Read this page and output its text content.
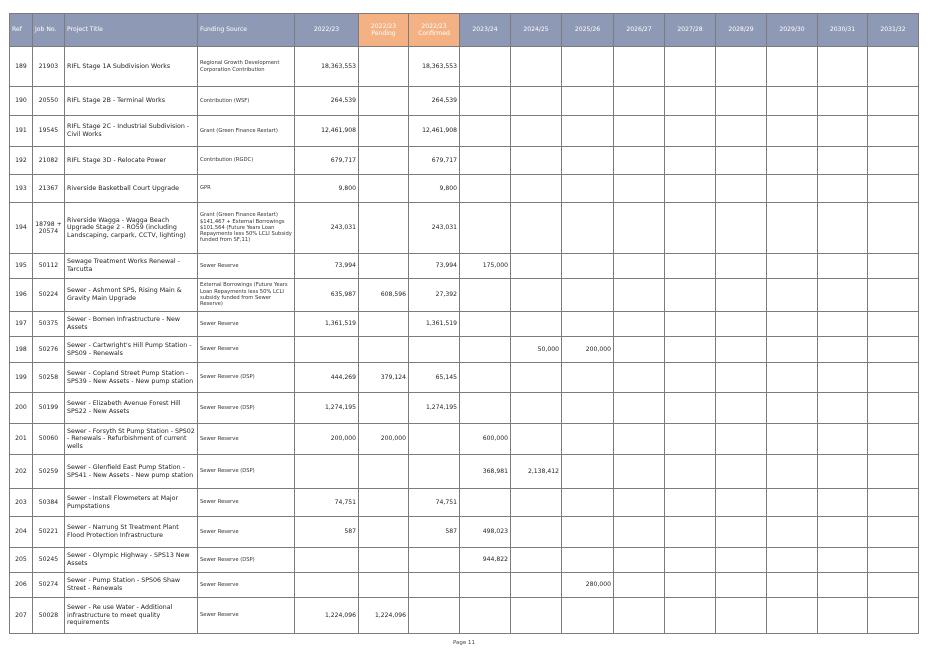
Ref	Job No.	Project Title	Funding Source	2022/23	2022/23 Pending	2022/23 Confirmed	2023/24	2024/25	2025/26	2026/27	2027/28	2028/29	2029/30	2030/31	2031/32
189	21903	RIFL Stage 1A Subdivision Works	Regional Growth Development Corporation Contribution	18,363,553		18,363,553									
190	20550	RIFL Stage 2B - Terminal Works	Contribution (WSF)	264,539		264,539									
191	19545	RIFL Stage 2C - Industrial Subdivision - Civil Works	Grant (Green Finance Restart)	12,461,908		12,461,908									
192	21082	RIFL Stage 3D - Relocate Power	Contribution (RGDC)	679,717		679,717									
193	21367	Riverside Basketball Court Upgrade	GPR	9,800		9,800									
194	18798 + 20574	Riverside Wagga - Wagga Beach Upgrade Stage 2 - RO59 (including Landscaping, carpark, CCTV, lighting)	Grant (Green Finance Restart) $141,467 + External Borrowings $101,564 (Future Years Loan Repayments less 50% LCLI Subsidy funded from SF,11)	243,031		243,031									
195	50112	Sewage Treatment Works Renewal - Tarcutta	Sewer Reserve	73,994		73,994	175,000								
196	50224	Sewer - Ashmont SPS, Rising Main & Gravity Main Upgrade	External Borrowings (Future Years Loan Repayments less 50% LCLI subsidy funded from Sewer Reserve)	635,987	608,596	27,392									
197	50375	Sewer - Bomen Infrastructure - New Assets	Sewer Reserve	1,361,519		1,361,519									
198	50276	Sewer - Cartwright's Hill Pump Station - SPS09 - Renewals	Sewer Reserve					50,000	200,000						
199	50258	Sewer - Copland Street Pump Station - SPS39 - New Assets - New pump station	Sewer Reserve (DSP)	444,269	379,124	65,145									
200	50199	Sewer - Elizabeth Avenue Forest Hill SPS22 - New Assets	Sewer Reserve (DSP)	1,274,195		1,274,195									
201	50060	Sewer - Forsyth St Pump Station - SPS02 - Renewals - Refurbishment of current wells	Sewer Reserve	200,000	200,000		600,000								
202	50259	Sewer - Glenfield East Pump Station - SPS41 - New Assets - New pump station	Sewer Reserve (DSP)				368,981	2,138,412							
203	50384	Sewer - Install Flowmeters at Major Pumpstations	Sewer Reserve	74,751		74,751									
204	50221	Sewer - Narrung St Treatment Plant Flood Protection Infrastructure	Sewer Reserve	587		587	498,023								
205	50245	Sewer - Olympic Highway - SPS13 New Assets	Sewer Reserve (DSP)				944,822								
206	50274	Sewer - Pump Station - SPS06 Shaw Street - Renewals	Sewer Reserve						280,000						
207	50028	Sewer - Re use Water - Additional infrastructure to meet quality requirements	Sewer Reserve	1,224,096	1,224,096										
Page 11
